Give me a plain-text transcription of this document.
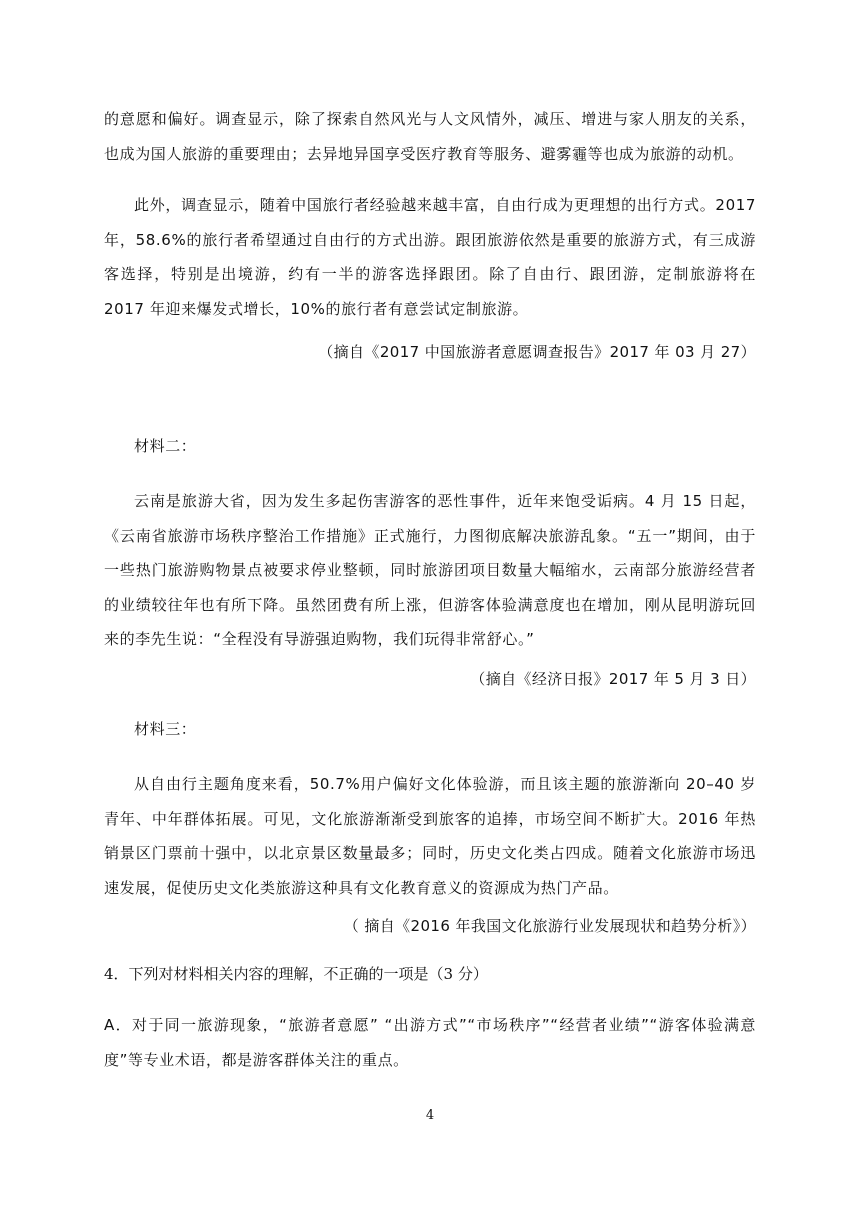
的意愿和偏好。调查显示，除了探索自然风光与人文风情外，减压、增进与家人朋友的关系，也成为国人旅游的重要理由；去异地异国享受医疗教育等服务、避雾霾等也成为旅游的动机。

此外，调查显示，随着中国旅行者经验越来越丰富，自由行成为更理想的出行方式。2017 年，58.6%的旅行者希望通过自由行的方式出游。跟团旅游依然是重要的旅游方式，有三成游客选择，特别是出境游，约有一半的游客选择跟团。除了自由行、跟团游，定制旅游将在 2017 年迎来爆发式增长，10%的旅行者有意尝试定制旅游。

（摘自《2017 中国旅游者意愿调查报告》2017 年 03 月 27）

材料二：

云南是旅游大省，因为发生多起伤害游客的恶性事件，近年来饱受诟病。4 月 15 日起，《云南省旅游市场秩序整治工作措施》正式施行，力图彻底解决旅游乱象。“五一”期间，由于一些热门旅游购物景点被要求停业整顿，同时旅游团项目数量大幅缩水，云南部分旅游经营者的业绩较往年也有所下降。虽然团费有所上涨，但游客体验满意度也在增加，刚从昆明游玩回来的李先生说：“全程没有导游强迫购物，我们玩得非常舒心。”

（摘自《经济日报》2017 年 5 月 3 日）

材料三：

从自由行主题角度来看，50.7%用户偏好文化体验游，而且该主题的旅游渐向 20–40 岁青年、中年群体拓展。可见，文化旅游渐渐受到旅客的追捧，市场空间不断扩大。2016 年热销景区门票前十强中，以北京景区数量最多；同时，历史文化类占四成。随着文化旅游市场迅速发展，促使历史文化类旅游这种具有文化教育意义的资源成为热门产品。

（ 摘自《2016 年我国文化旅游行业发展现状和趋势分析》）

4．下列对材料相关内容的理解，不正确的一项是（3 分）

A．对于同一旅游现象，“旅游者意愿” “出游方式”“市场秩序”“经营者业绩”“游客体验满意度”等专业术语，都是游客群体关注的重点。

4
